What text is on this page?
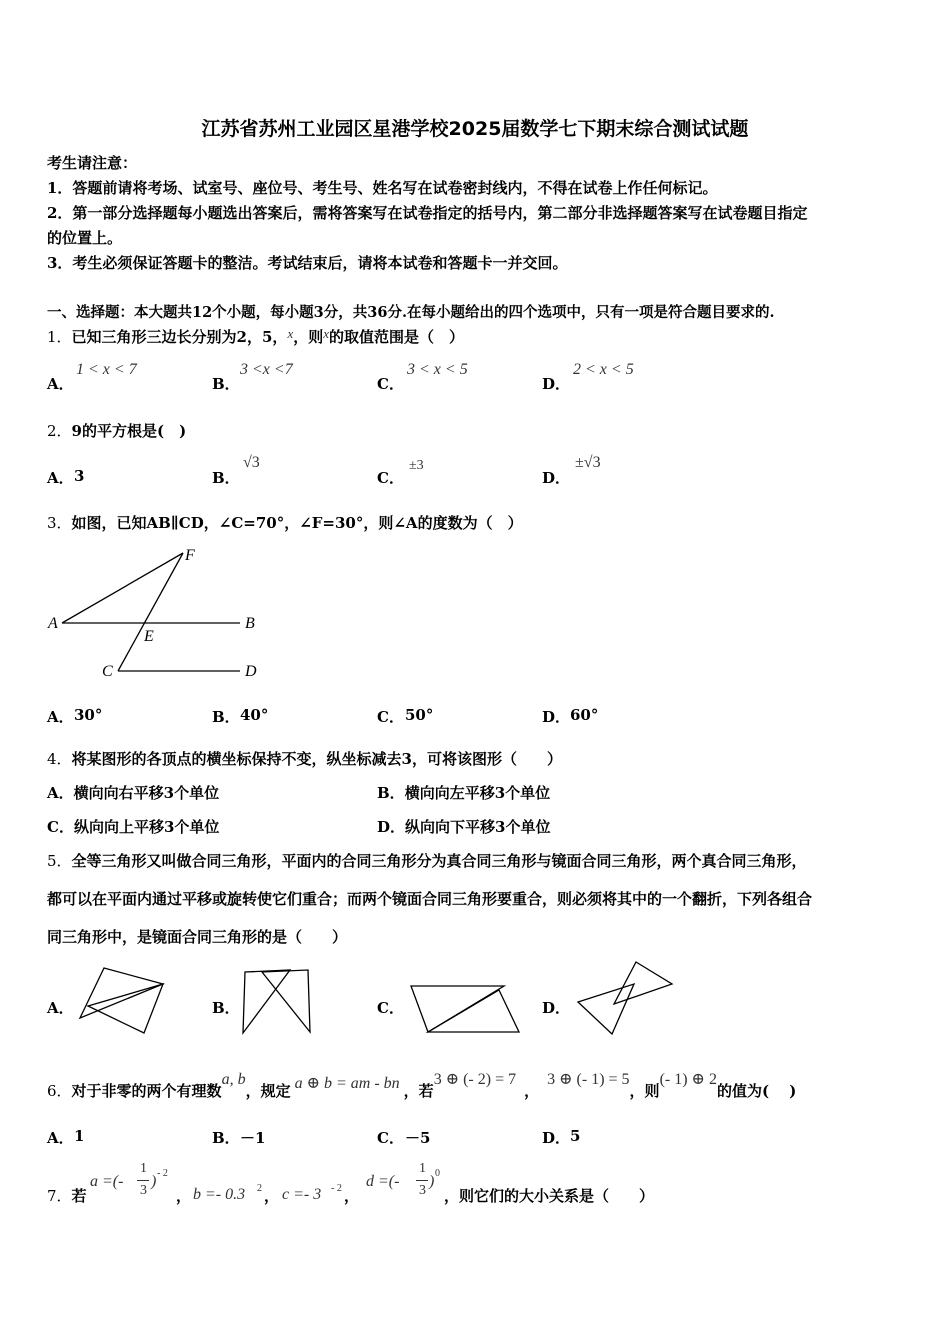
江苏省苏州工业园区星港学校2025届数学七下期末综合测试试题
考生请注意：
1．答题前请将考场、试室号、座位号、考生号、姓名写在试卷密封线内，不得在试卷上作任何标记。
2．第一部分选择题每小题选出答案后，需将答案写在试卷指定的括号内，第二部分非选择题答案写在试卷题目指定
的位置上。
3．考生必须保证答题卡的整洁。考试结束后，请将本试卷和答题卡一并交回。
一、选择题：本大题共12个小题，每小题3分，共36分.在每小题给出的四个选项中，只有一项是符合题目要求的.
1．已知三角形三边长分别为2，5，x，则x的取值范围是（　）
A．
1 < x < 7
B．
3 <x <7
C．
3 < x < 5
D．
2 < x < 5
2．9的平方根是(　)
A． 3	B．
√3
C．
±3
D．
±√3
3．如图，已知AB∥CD，∠C=70°，∠F=30°，则∠A的度数为（　）
A	B
C	D
E
F
A． 30°	B． 40°	C． 50°	D． 60°
4．将某图形的各顶点的横坐标保持不变，纵坐标减去3，可将该图形（　　）
A．横向向右平移3个单位	B．横向向左平移3个单位
C．纵向向上平移3个单位	D．纵向向下平移3个单位
5．全等三角形又叫做合同三角形，平面内的合同三角形分为真合同三角形与镜面合同三角形，两个真合同三角形，
都可以在平面内通过平移或旋转使它们重合；而两个镜面合同三角形要重合，则必须将其中的一个翻折，下列各组合
同三角形中，是镜面合同三角形的是（　　）
A．	B．	C．	D．
6．对于非零的两个有理数a, b，规定 a ⊕ b = am - bn ，若3 ⊕ (- 2) = 7，3 ⊕ (- 1) = 5，则(- 1) ⊕ 2的值为(　 )
A． 1	B． －1	C． －5	D． 5
7．若
a =(-
1
3
) - 2
， b =- 0.3 2 ， c =- 3 - 2 ，
d =(-
1
3
) 0
，则它们的大小关系是（　　）
